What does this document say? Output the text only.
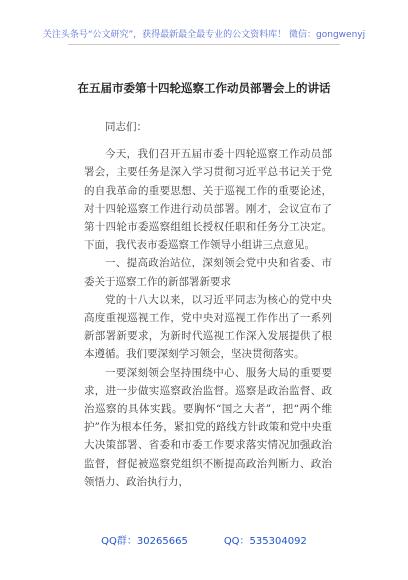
关注头条号“公文研究”，获得最新最全最专业的公文资料库！ 微信：gongwenyj
在五届市委第十四轮巡察工作动员部署会上的讲话

同志们：

今天，我们召开五届市委十四轮巡察工作动员部署会，主要任务是深入学习贯彻习近平总书记关于党的自我革命的重要思想、关于巡视工作的重要论述，对十四轮巡察工作进行动员部署。刚才，会议宣布了第十四轮市委巡察组组长授权任职和任务分工决定。下面，我代表市委巡察工作领导小组讲三点意见。

一、提高政治站位，深刻领会党中央和省委、市委关于巡察工作的新部署新要求

党的十八大以来，以习近平同志为核心的党中央高度重视巡视工作，党中央对巡视工作作出了一系列新部署新要求，为新时代巡视工作深入发展提供了根本遵循。我们要深刻学习领会，坚决贯彻落实。

一要深刻领会坚持围绕中心、服务大局的重要要求，进一步做实巡察政治监督。巡察是政治监督、政治巡察的具体实践。要胸怀“国之大者”，把“两个维护”作为根本任务，紧扣党的路线方针政策和党中央重大决策部署、省委和市委工作要求落实情况加强政治监督，督促被巡察党组织不断提高政治判断力、政治领悟力、政治执行力，

QQ群：30265665	QQ：535304092
